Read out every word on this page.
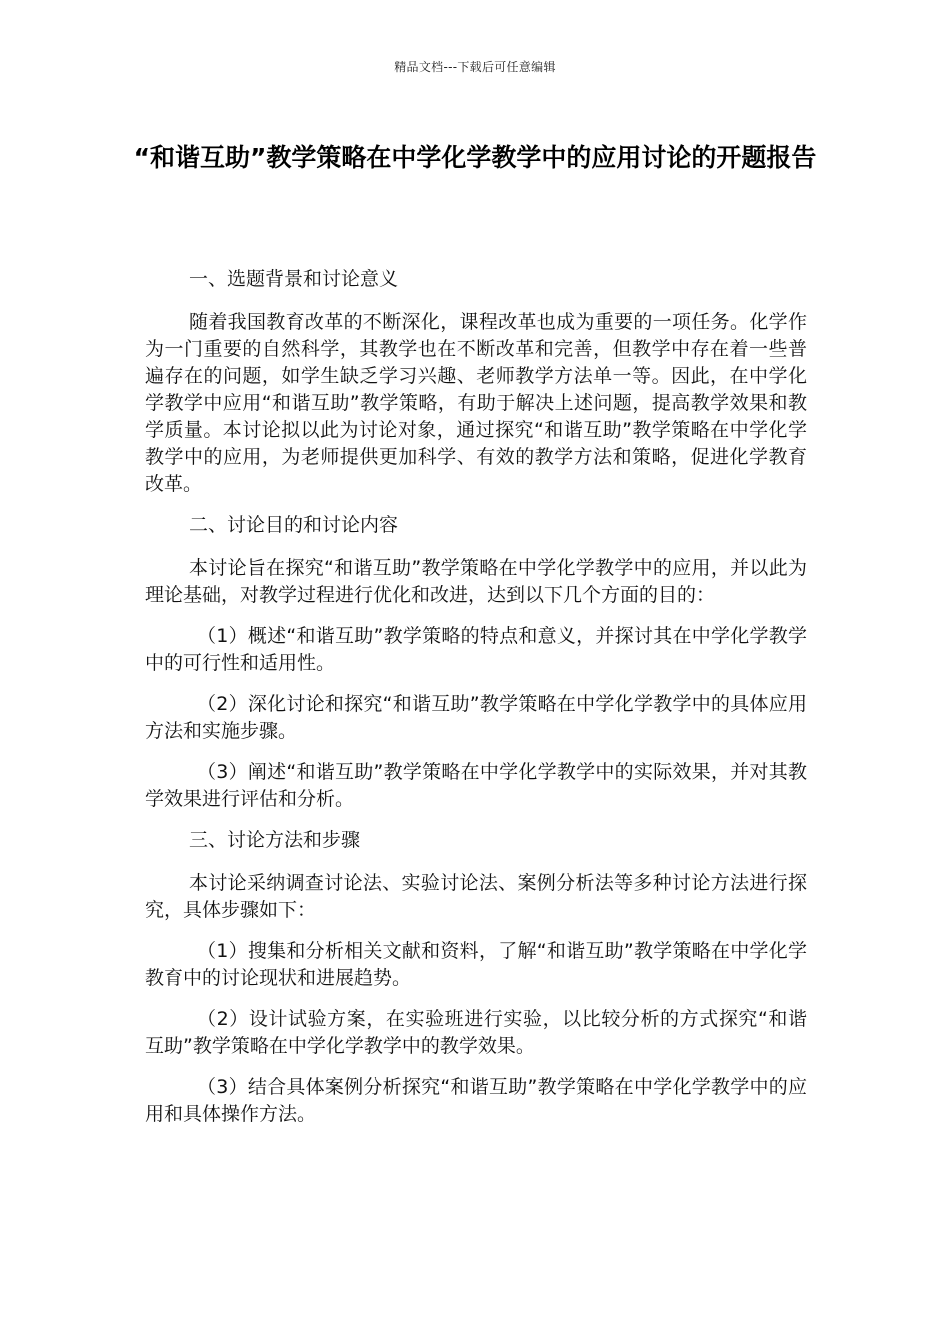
精品文档---下载后可任意编辑
“和谐互助”教学策略在中学化学教学中的应用讨论的开题报告

一、选题背景和讨论意义

随着我国教育改革的不断深化，课程改革也成为重要的一项任务。化学作为一门重要的自然科学，其教学也在不断改革和完善，但教学中存在着一些普遍存在的问题，如学生缺乏学习兴趣、老师教学方法单一等。因此，在中学化学教学中应用“和谐互助”教学策略，有助于解决上述问题，提高教学效果和教学质量。本讨论拟以此为讨论对象，通过探究“和谐互助”教学策略在中学化学教学中的应用，为老师提供更加科学、有效的教学方法和策略，促进化学教育改革。

二、讨论目的和讨论内容

本讨论旨在探究“和谐互助”教学策略在中学化学教学中的应用，并以此为理论基础，对教学过程进行优化和改进，达到以下几个方面的目的：

（1）概述“和谐互助”教学策略的特点和意义，并探讨其在中学化学教学中的可行性和适用性。

（2）深化讨论和探究“和谐互助”教学策略在中学化学教学中的具体应用方法和实施步骤。

（3）阐述“和谐互助”教学策略在中学化学教学中的实际效果，并对其教学效果进行评估和分析。

三、讨论方法和步骤

本讨论采纳调查讨论法、实验讨论法、案例分析法等多种讨论方法进行探究，具体步骤如下：

（1）搜集和分析相关文献和资料，了解“和谐互助”教学策略在中学化学教育中的讨论现状和进展趋势。

（2）设计试验方案，在实验班进行实验，以比较分析的方式探究“和谐互助”教学策略在中学化学教学中的教学效果。

（3）结合具体案例分析探究“和谐互助”教学策略在中学化学教学中的应用和具体操作方法。
